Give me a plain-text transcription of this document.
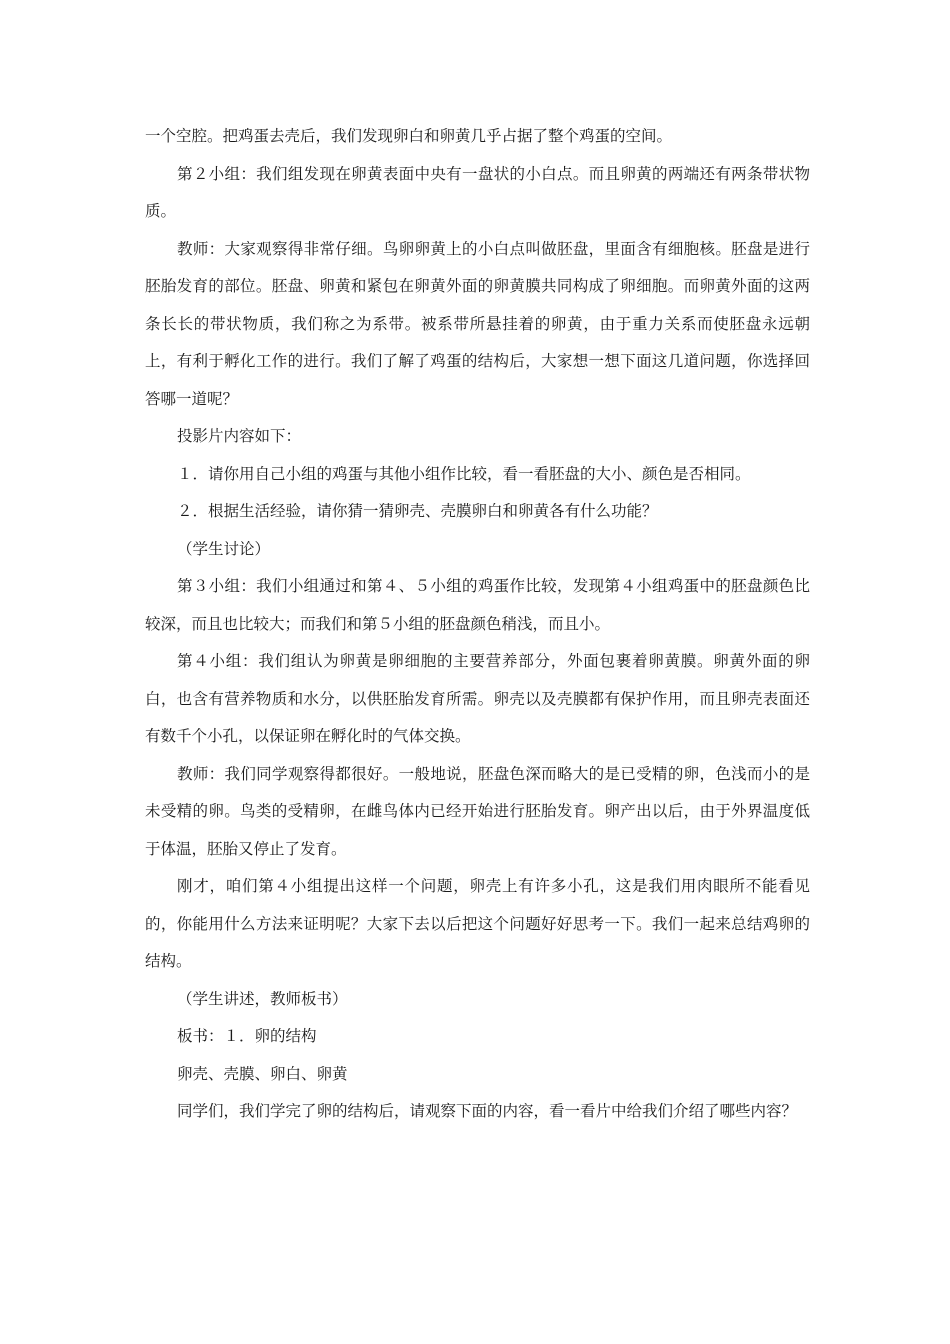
一个空腔。把鸡蛋去壳后，我们发现卵白和卵黄几乎占据了整个鸡蛋的空间。

第２小组：我们组发现在卵黄表面中央有一盘状的小白点。而且卵黄的两端还有两条带状物质。

教师：大家观察得非常仔细。鸟卵卵黄上的小白点叫做胚盘，里面含有细胞核。胚盘是进行胚胎发育的部位。胚盘、卵黄和紧包在卵黄外面的卵黄膜共同构成了卵细胞。而卵黄外面的这两条长长的带状物质，我们称之为系带。被系带所悬挂着的卵黄，由于重力关系而使胚盘永远朝上，有利于孵化工作的进行。我们了解了鸡蛋的结构后，大家想一想下面这几道问题，你选择回答哪一道呢？

投影片内容如下：

１．请你用自己小组的鸡蛋与其他小组作比较，看一看胚盘的大小、颜色是否相同。

２．根据生活经验，请你猜一猜卵壳、壳膜卵白和卵黄各有什么功能？

（学生讨论）

第３小组：我们小组通过和第４、５小组的鸡蛋作比较，发现第４小组鸡蛋中的胚盘颜色比较深，而且也比较大；而我们和第５小组的胚盘颜色稍浅，而且小。

第４小组：我们组认为卵黄是卵细胞的主要营养部分，外面包裹着卵黄膜。卵黄外面的卵白，也含有营养物质和水分，以供胚胎发育所需。卵壳以及壳膜都有保护作用，而且卵壳表面还有数千个小孔，以保证卵在孵化时的气体交换。

教师：我们同学观察得都很好。一般地说，胚盘色深而略大的是已受精的卵，色浅而小的是未受精的卵。鸟类的受精卵，在雌鸟体内已经开始进行胚胎发育。卵产出以后，由于外界温度低于体温，胚胎又停止了发育。

刚才，咱们第４小组提出这样一个问题，卵壳上有许多小孔，这是我们用肉眼所不能看见的，你能用什么方法来证明呢？大家下去以后把这个问题好好思考一下。我们一起来总结鸡卵的结构。

（学生讲述，教师板书）

板书：１．卵的结构

卵壳、壳膜、卵白、卵黄

同学们，我们学完了卵的结构后，请观察下面的内容，看一看片中给我们介绍了哪些内容？
